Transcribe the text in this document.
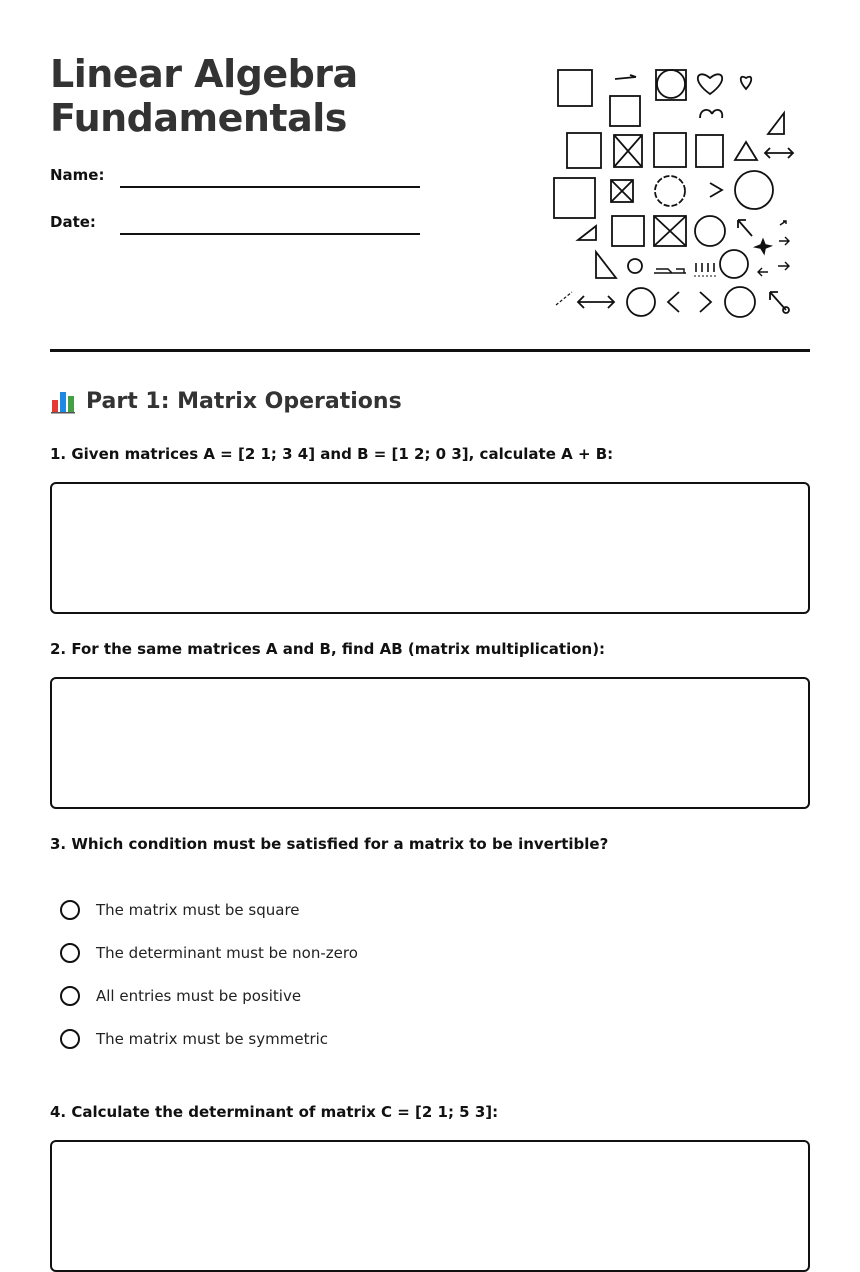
Linear Algebra
Fundamentals
Name:
Date:
Part 1: Matrix Operations

1. Given matrices A = [2 1; 3 4] and B = [1 2; 0 3], calculate A + B:

2. For the same matrices A and B, find AB (matrix multiplication):

3. Which condition must be satisfied for a matrix to be invertible?

The matrix must be square
The determinant must be non-zero
All entries must be positive
The matrix must be symmetric

4. Calculate the determinant of matrix C = [2 1; 5 3]:
